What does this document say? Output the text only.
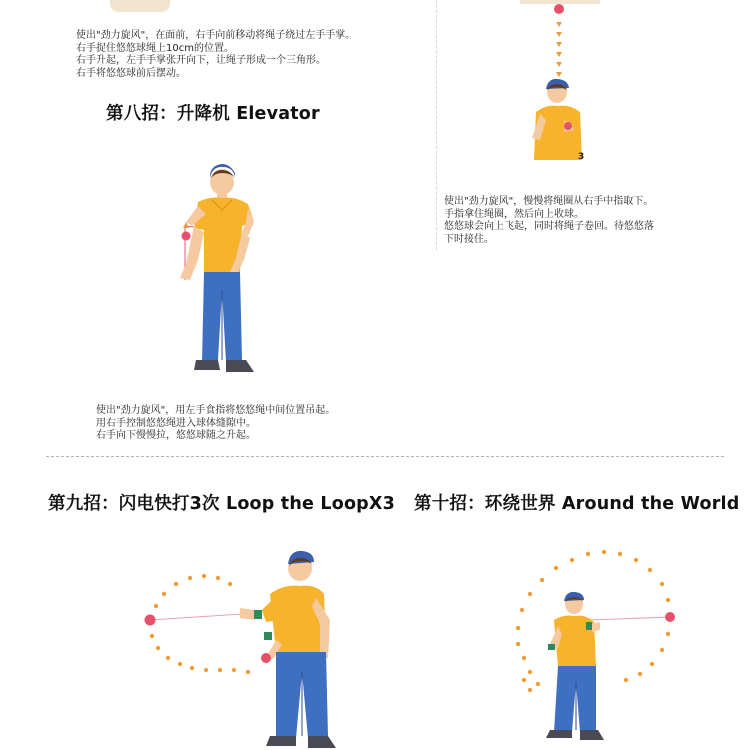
使出"劲力旋风"，在面前，右手向前移动将绳子绕过左手手掌。
右手捉住悠悠球绳上10cm的位置。
右手升起，左手手掌张开向下，让绳子形成一个三角形。
右手将悠悠球前后摆动。
第八招：升降机 Elevator
使出"劲力旋风"，用左手食指将悠悠绳中间位置吊起。
用右手控制悠悠绳进入球体缝隙中。
右手向下慢慢拉，悠悠球随之升起。
3
使出"劲力旋风"，慢慢将绳圈从右手中指取下。
手指拿住绳圈，然后向上收球。
悠悠球会向上飞起，同时将绳子卷回。待悠悠落
下时接住。
第九招：闪电快打3次 Loop the LoopX3 第十招：环绕世界 Around the World
